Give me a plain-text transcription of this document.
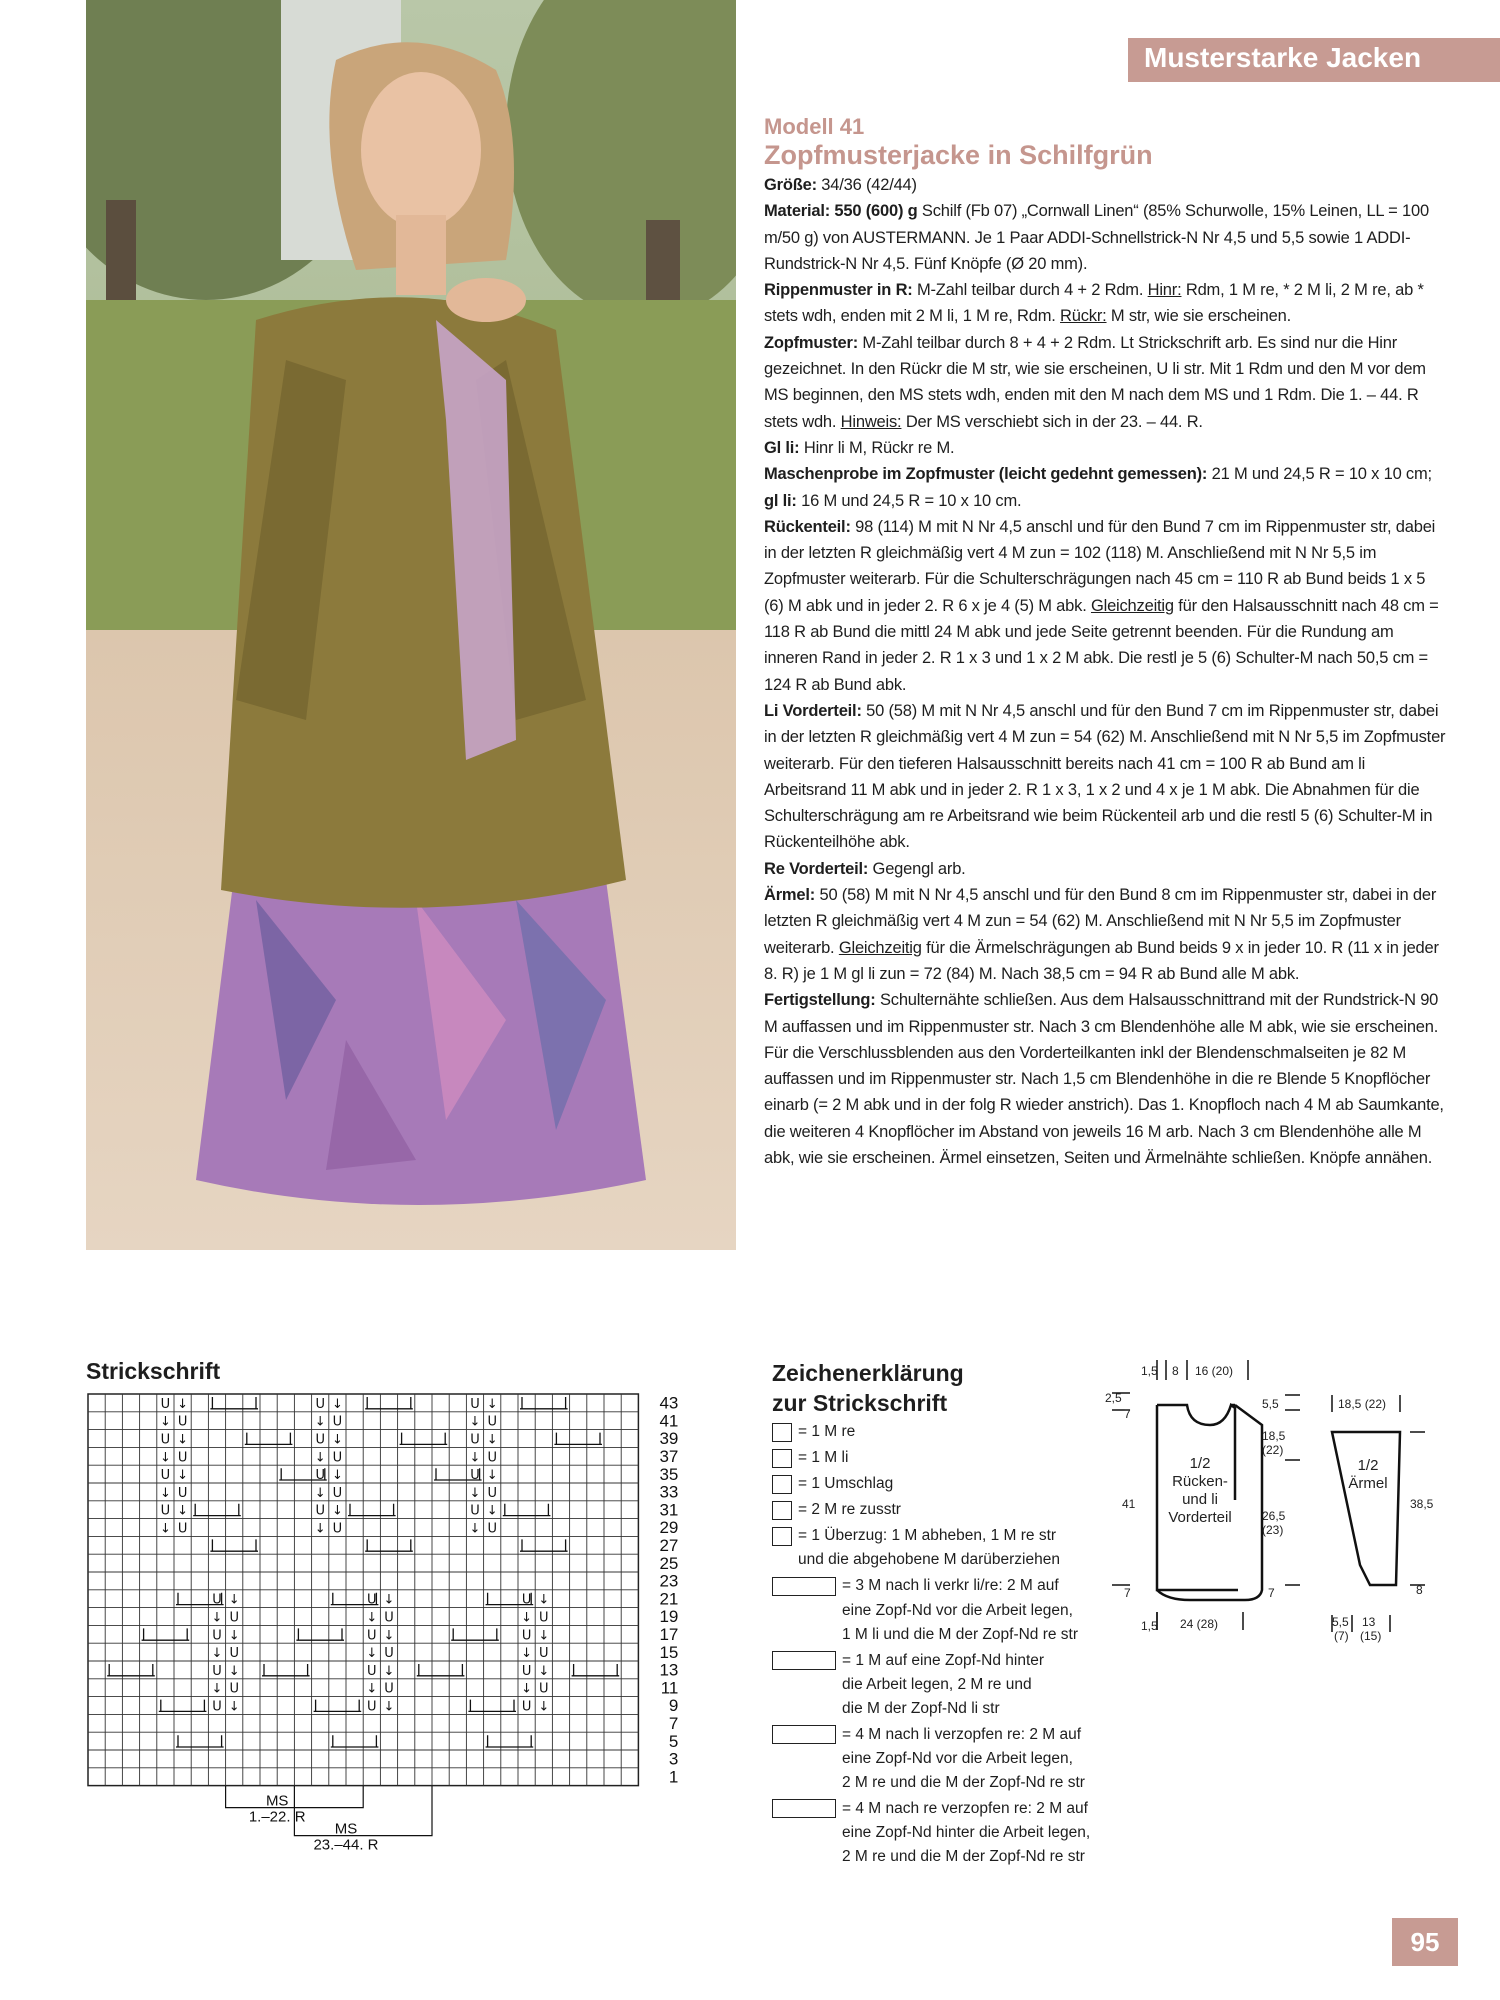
Musterstarke Jacken
Modell 41
Zopfmusterjacke in Schilfgrün

Größe: 34/36 (42/44)

Material: 550 (600) g Schilf (Fb 07) „Cornwall Linen“ (85% Schurwolle, 15% Leinen, LL = 100 m/50 g) von AUSTERMANN. Je 1 Paar ADDI-Schnellstrick-N Nr 4,5 und 5,5 sowie 1 ADDI-Rundstrick-N Nr 4,5. Fünf Knöpfe (Ø 20 mm).

Rippenmuster in R: M-Zahl teilbar durch 4 + 2 Rdm. Hinr: Rdm, 1 M re, * 2 M li, 2 M re, ab * stets wdh, enden mit 2 M li, 1 M re, Rdm. Rückr: M str, wie sie erscheinen.

Zopfmuster: M-Zahl teilbar durch 8 + 4 + 2 Rdm. Lt Strickschrift arb. Es sind nur die Hinr gezeichnet. In den Rückr die M str, wie sie erscheinen, U li str. Mit 1 Rdm und den M vor dem MS beginnen, den MS stets wdh, enden mit den M nach dem MS und 1 Rdm. Die 1. – 44. R stets wdh. Hinweis: Der MS verschiebt sich in der 23. – 44. R.

Gl li: Hinr li M, Rückr re M.

Maschenprobe im Zopfmuster (leicht gedehnt gemessen): 21 M und 24,5 R = 10 x 10 cm; gl li: 16 M und 24,5 R = 10 x 10 cm.

Rückenteil: 98 (114) M mit N Nr 4,5 anschl und für den Bund 7 cm im Rippenmuster str, dabei in der letzten R gleichmäßig vert 4 M zun = 102 (118) M. Anschließend mit N Nr 5,5 im Zopfmuster weiterarb. Für die Schulterschrägungen nach 45 cm = 110 R ab Bund beids 1 x 5 (6) M abk und in jeder 2. R 6 x je 4 (5) M abk. Gleichzeitig für den Halsausschnitt nach 48 cm = 118 R ab Bund die mittl 24 M abk und jede Seite getrennt beenden. Für die Rundung am inneren Rand in jeder 2. R 1 x 3 und 1 x 2 M abk. Die restl je 5 (6) Schulter-M nach 50,5 cm = 124 R ab Bund abk.

Li Vorderteil: 50 (58) M mit N Nr 4,5 anschl und für den Bund 7 cm im Rippenmuster str, dabei in der letzten R gleichmäßig vert 4 M zun = 54 (62) M. Anschließend mit N Nr 5,5 im Zopfmuster weiterarb. Für den tieferen Halsausschnitt bereits nach 41 cm = 100 R ab Bund am li Arbeitsrand 11 M abk und in jeder 2. R 1 x 3, 1 x 2 und 4 x je 1 M abk. Die Abnahmen für die Schulterschrägung am re Arbeitsrand wie beim Rückenteil arb und die restl 5 (6) Schulter-M in Rückenteilhöhe abk.

Re Vorderteil: Gegengl arb.

Ärmel: 50 (58) M mit N Nr 4,5 anschl und für den Bund 8 cm im Rippenmuster str, dabei in der letzten R gleichmäßig vert 4 M zun = 54 (62) M. Anschließend mit N Nr 5,5 im Zopfmuster weiterarb. Gleichzeitig für die Ärmelschrägungen ab Bund beids 9 x in jeder 10. R (11 x in jeder 8. R) je 1 M gl li zun = 72 (84) M. Nach 38,5 cm = 94 R ab Bund alle M abk.

Fertigstellung: Schulternähte schließen. Aus dem Halsausschnittrand mit der Rundstrick-N 90 M auffassen und im Rippenmuster str. Nach 3 cm Blendenhöhe alle M abk, wie sie erscheinen. Für die Verschlussblenden aus den Vorderteilkanten inkl der Blendenschmalseiten je 82 M auffassen und im Rippenmuster str. Nach 1,5 cm Blendenhöhe in die re Blende 5 Knopflöcher einarb (= 2 M abk und in der folg R wieder anstrich). Das 1. Knopfloch nach 4 M ab Saumkante, die weiteren 4 Knopflöcher im Abstand von jeweils 16 M arb. Nach 3 cm Blendenhöhe alle M abk, wie sie erscheinen. Ärmel einsetzen, Seiten und Ärmelnähte schließen. Knöpfe annähen.

Strickschrift
U ↓	U ↓	U ↓
↓ U	↓ U	↓ U
U ↓	U ↓	U ↓
↓ U	↓ U	↓ U
U ↓	U ↓	U ↓
↓ U	↓ U	↓ U
U ↓	U ↓	U ↓
↓ U	↓ U	↓ U
U ↓	U ↓	U ↓
↓ U	↓ U	↓ U
U ↓	U ↓	U ↓
↓ U	↓ U	↓ U
U ↓	U ↓	U ↓
↓ U	↓ U	↓ U
U ↓	U ↓	U ↓
43
41
39
37
35
33
31
29
27
25
23
21
19
17
15
13
11
9
7
5
3
1
MS
1.–22. R
MS
23.–44. R
Zeichenerklärung
zur Strickschrift
= 1 M re
= 1 M li
= 1 Umschlag
= 2 M re zusstr
= 1 Überzug: 1 M abheben, 1 M re str
und die abgehobene M darüberziehen
= 3 M nach li verkr li/re: 2 M auf
eine Zopf-Nd vor die Arbeit legen,
1 M li und die M der Zopf-Nd re str
= 1 M auf eine Zopf-Nd hinter
die Arbeit legen, 2 M re und
die M der Zopf-Nd li str
= 4 M nach li verzopfen re: 2 M auf
eine Zopf-Nd vor die Arbeit legen,
2 M re und die M der Zopf-Nd re str
= 4 M nach re verzopfen re: 2 M auf
eine Zopf-Nd hinter die Arbeit legen,
2 M re und die M der Zopf-Nd re str
1,5 8 16 (20)
2,5
7
5,5
18,5
(22)
1/2
Rücken-
und li
Vorderteil
41
26,5
(23)
7	7
1,5 24 (28)
18,5 (22)
1/2
Ärmel
38,5
8
5,5
(7)
13
(15)
95
